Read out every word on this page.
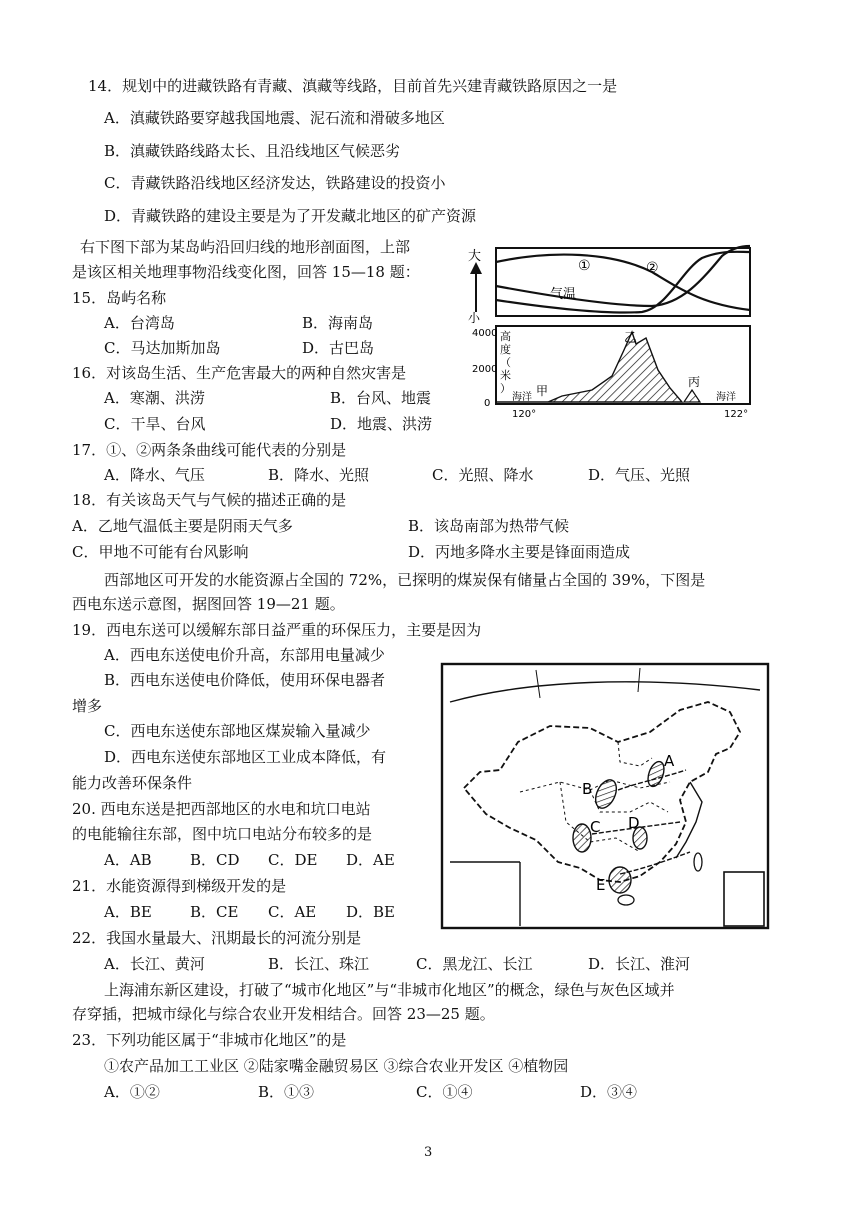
14．规划中的进藏铁路有青藏、滇藏等线路，目前首先兴建青藏铁路原因之一是
A．滇藏铁路要穿越我国地震、泥石流和滑破多地区
B．滇藏铁路线路太长、且沿线地区气候恶劣
C．青藏铁路沿线地区经济发达，铁路建设的投资小
D．青藏铁路的建设主要是为了开发藏北地区的矿产资源
右下图下部为某岛屿沿回归线的地形剖面图，上部
是该区相关地理事物沿线变化图，回答 15—18 题：
15．岛屿名称
A．台湾岛	B．海南岛
C．马达加斯加岛	D．古巴岛
16．对该岛生活、生产危害最大的两种自然灾害是
A．寒潮、洪涝	B．台风、地震
C．干旱、台风	D．地震、洪涝
17．①、②两条条曲线可能代表的分别是
A．降水、气压	B．降水、光照	C．光照、降水	D．气压、光照
18．有关该岛天气与气候的描述正确的是
A．乙地气温低主要是阴雨天气多	B．该岛南部为热带气候
C．甲地不可能有台风影响	D．丙地多降水主要是锋面雨造成
西部地区可开发的水能资源占全国的 72%，已探明的煤炭保有储量占全国的 39%，下图是
西电东送示意图，据图回答 19—21 题。
19．西电东送可以缓解东部日益严重的环保压力，主要是因为
A．西电东送使电价升高，东部用电量减少
B．西电东送使电价降低，使用环保电器者
增多
C．西电东送使东部地区煤炭输入量减少
D．西电东送使东部地区工业成本降低，有
能力改善环保条件
20. 西电东送是把西部地区的水电和坑口电站
的电能输往东部，图中坑口电站分布较多的是
A．AB	B．CD C．DE D．AE
21．水能资源得到梯级开发的是
A．BE	B．CE C．AE D．BE
22．我国水量最大、汛期最长的河流分别是
A．长江、黄河	B．长江、珠江	C．黑龙江、长江	D．长江、淮河
上海浦东新区建设，打破了“城市化地区”与“非城市化地区”的概念，绿色与灰色区域并
存穿插，把城市绿化与综合农业开发相结合。回答 23—25 题。
23．下列功能区属于“非城市化地区”的是
①农产品加工工业区 ②陆家嘴金融贸易区 ③综合农业开发区 ④植物园
A．①②	B．①③	C．①④	D．③④
3
大
小
①	②
气温
4000
2000
0
高
度
（
米
）
海洋	海洋
甲
乙
丙
120°	122°
A
B
C D
E
